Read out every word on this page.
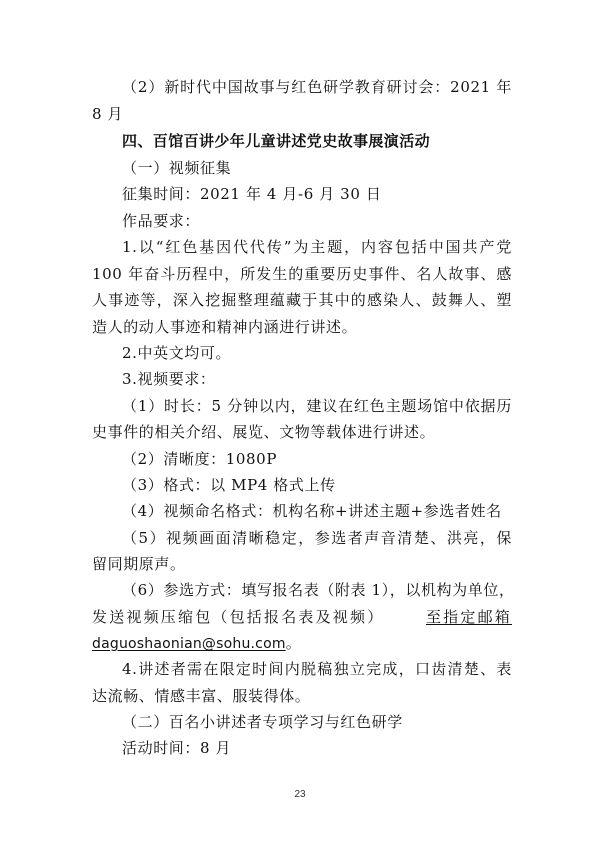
（2）新时代中国故事与红色研学教育研讨会：2021 年
8 月
四、百馆百讲少年儿童讲述党史故事展演活动
（一）视频征集
征集时间：2021 年 4 月-6 月 30 日
作品要求：
1.以“红色基因代代传”为主题，内容包括中国共产党
100 年奋斗历程中，所发生的重要历史事件、名人故事、感
人事迹等，深入挖掘整理蕴藏于其中的感染人、鼓舞人、塑
造人的动人事迹和精神内涵进行讲述。
2.中英文均可。
3.视频要求：
（1）时长：5 分钟以内，建议在红色主题场馆中依据历
史事件的相关介绍、展览、文物等载体进行讲述。
（2）清晰度：1080P
（3）格式：以 MP4 格式上传
（4）视频命名格式：机构名称+讲述主题+参选者姓名
（5）视频画面清晰稳定，参选者声音清楚、洪亮，保
留同期原声。
（6）参选方式：填写报名表（附表 1），以机构为单位，
发送视频压缩包（包括报名表及视频）	至指定邮箱
daguoshaonian@sohu.com。
4.讲述者需在限定时间内脱稿独立完成，口齿清楚、表
达流畅、情感丰富、服装得体。
（二）百名小讲述者专项学习与红色研学
活动时间：8 月
23
